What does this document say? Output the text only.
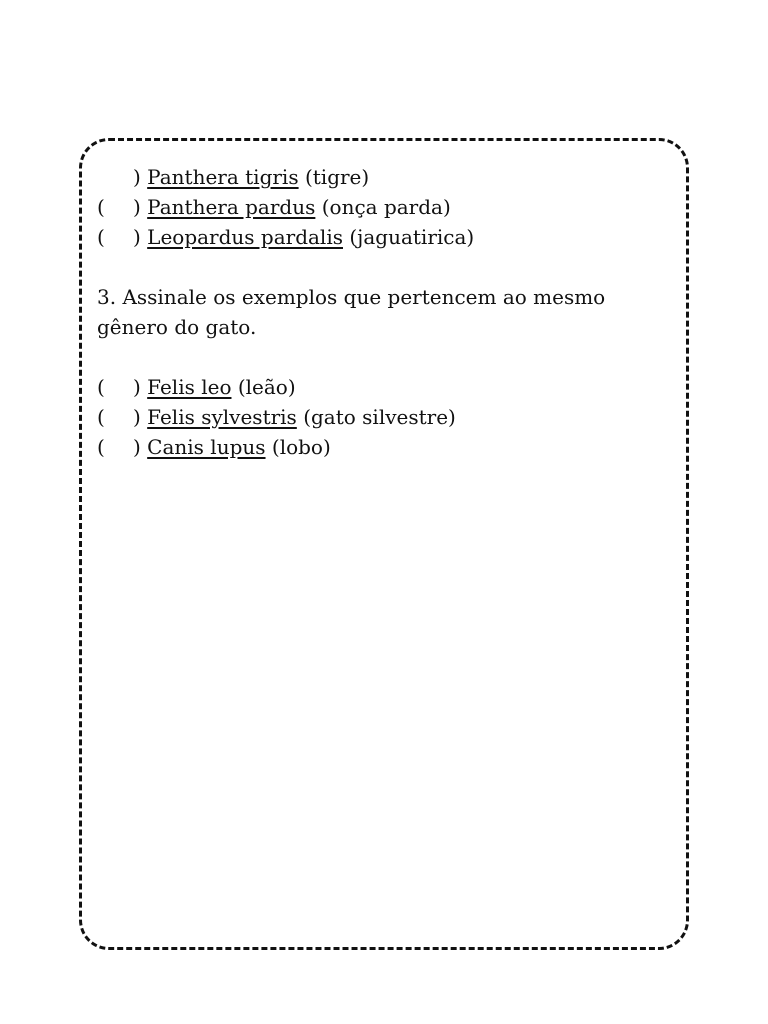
) Panthera tigris (tigre)
( ) Panthera pardus (onça parda)
( ) Leopardus pardalis (jaguatirica)
3. Assinale os exemplos que pertencem ao mesmo gênero do gato.
( ) Felis leo (leão)
( ) Felis sylvestris (gato silvestre)
( ) Canis lupus (lobo)
